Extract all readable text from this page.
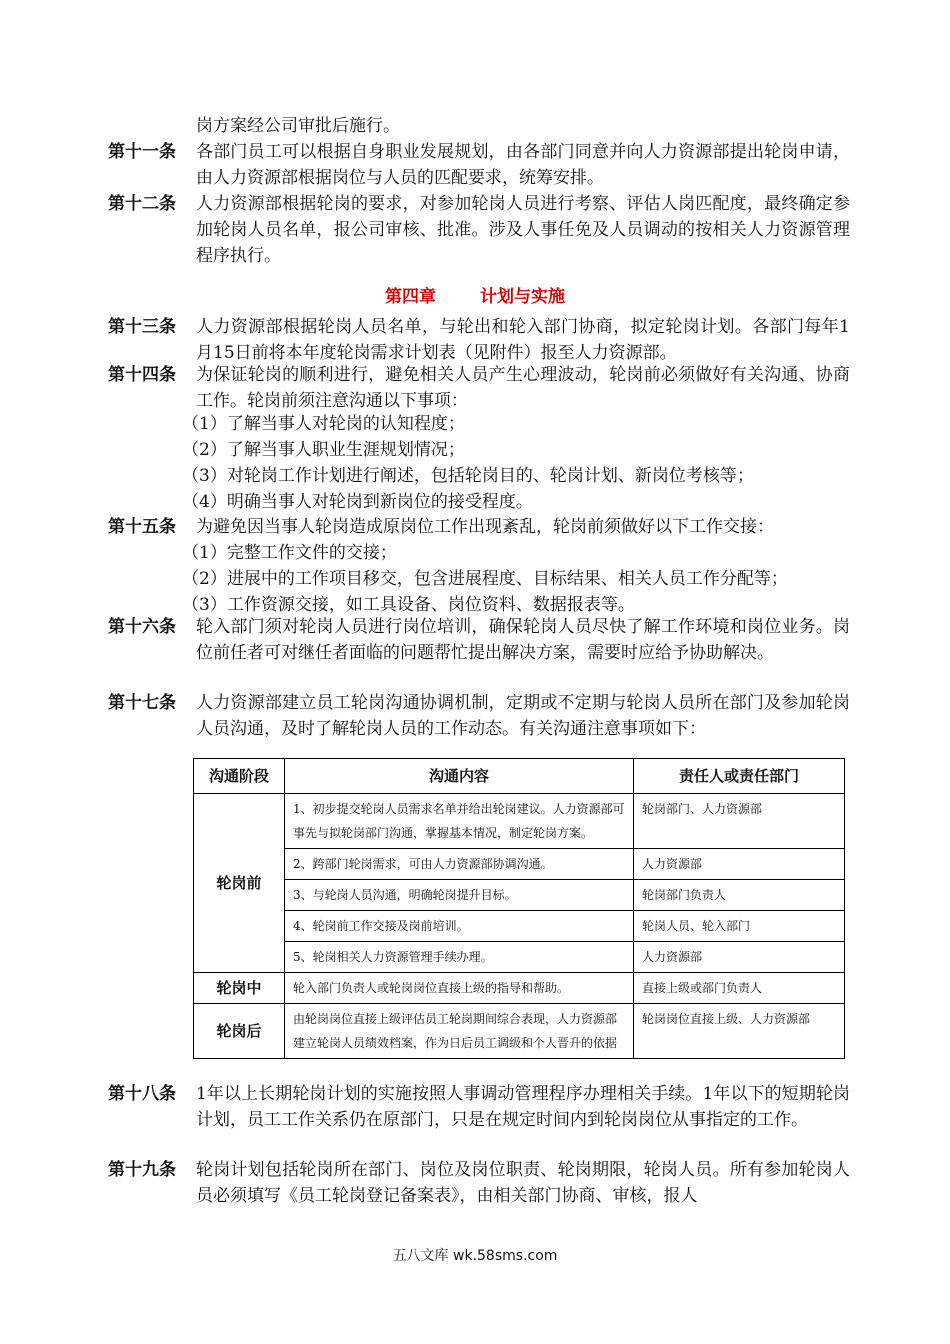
岗方案经公司审批后施行。
第十一条	各部门员工可以根据自身职业发展规划，由各部门同意并向人力资源部提出轮岗申请，由人力资源部根据岗位与人员的匹配要求，统筹安排。
第十二条	人力资源部根据轮岗的要求，对参加轮岗人员进行考察、评估人岗匹配度，最终确定参加轮岗人员名单，报公司审核、批准。涉及人事任免及人员调动的按相关人力资源管理程序执行。
第四章	计划与实施
第十三条	人力资源部根据轮岗人员名单，与轮出和轮入部门协商，拟定轮岗计划。各部门每年1月15日前将本年度轮岗需求计划表（见附件）报至人力资源部。
第十四条	为保证轮岗的顺利进行，避免相关人员产生心理波动，轮岗前必须做好有关沟通、协商工作。轮岗前须注意沟通以下事项：
（1）了解当事人对轮岗的认知程度；
（2）了解当事人职业生涯规划情况；
（3）对轮岗工作计划进行阐述，包括轮岗目的、轮岗计划、新岗位考核等；
（4）明确当事人对轮岗到新岗位的接受程度。
第十五条	为避免因当事人轮岗造成原岗位工作出现紊乱，轮岗前须做好以下工作交接：
（1）完整工作文件的交接；
（2）进展中的工作项目移交，包含进展程度、目标结果、相关人员工作分配等；
（3）工作资源交接，如工具设备、岗位资料、数据报表等。
第十六条	轮入部门须对轮岗人员进行岗位培训，确保轮岗人员尽快了解工作环境和岗位业务。岗位前任者可对继任者面临的问题帮忙提出解决方案，需要时应给予协助解决。
第十七条	人力资源部建立员工轮岗沟通协调机制，定期或不定期与轮岗人员所在部门及参加轮岗人员沟通，及时了解轮岗人员的工作动态。有关沟通注意事项如下：
沟通阶段	沟通内容	责任人或责任部门
轮岗前	1、初步提交轮岗人员需求名单并给出轮岗建议。人力资源部可事先与拟轮岗部门沟通，掌握基本情况，制定轮岗方案。	轮岗部门、人力资源部
	2、跨部门轮岗需求，可由人力资源部协调沟通。	人力资源部
	3、与轮岗人员沟通，明确轮岗提升目标。	轮岗部门负责人
	4、轮岗前工作交接及岗前培训。	轮岗人员、轮入部门
	5、轮岗相关人力资源管理手续办理。	人力资源部
轮岗中	轮入部门负责人或轮岗岗位直接上级的指导和帮助。	直接上级或部门负责人
轮岗后	由轮岗岗位直接上级评估员工轮岗期间综合表现，人力资源部建立轮岗人员绩效档案，作为日后员工调级和个人晋升的依据	轮岗岗位直接上级、人力资源部
第十八条	1年以上长期轮岗计划的实施按照人事调动管理程序办理相关手续。1年以下的短期轮岗计划，员工工作关系仍在原部门，只是在规定时间内到轮岗岗位从事指定的工作。
第十九条	轮岗计划包括轮岗所在部门、岗位及岗位职责、轮岗期限，轮岗人员。所有参加轮岗人员必须填写《员工轮岗登记备案表》，由相关部门协商、审核，报人
五八文库 wk.58sms.com
